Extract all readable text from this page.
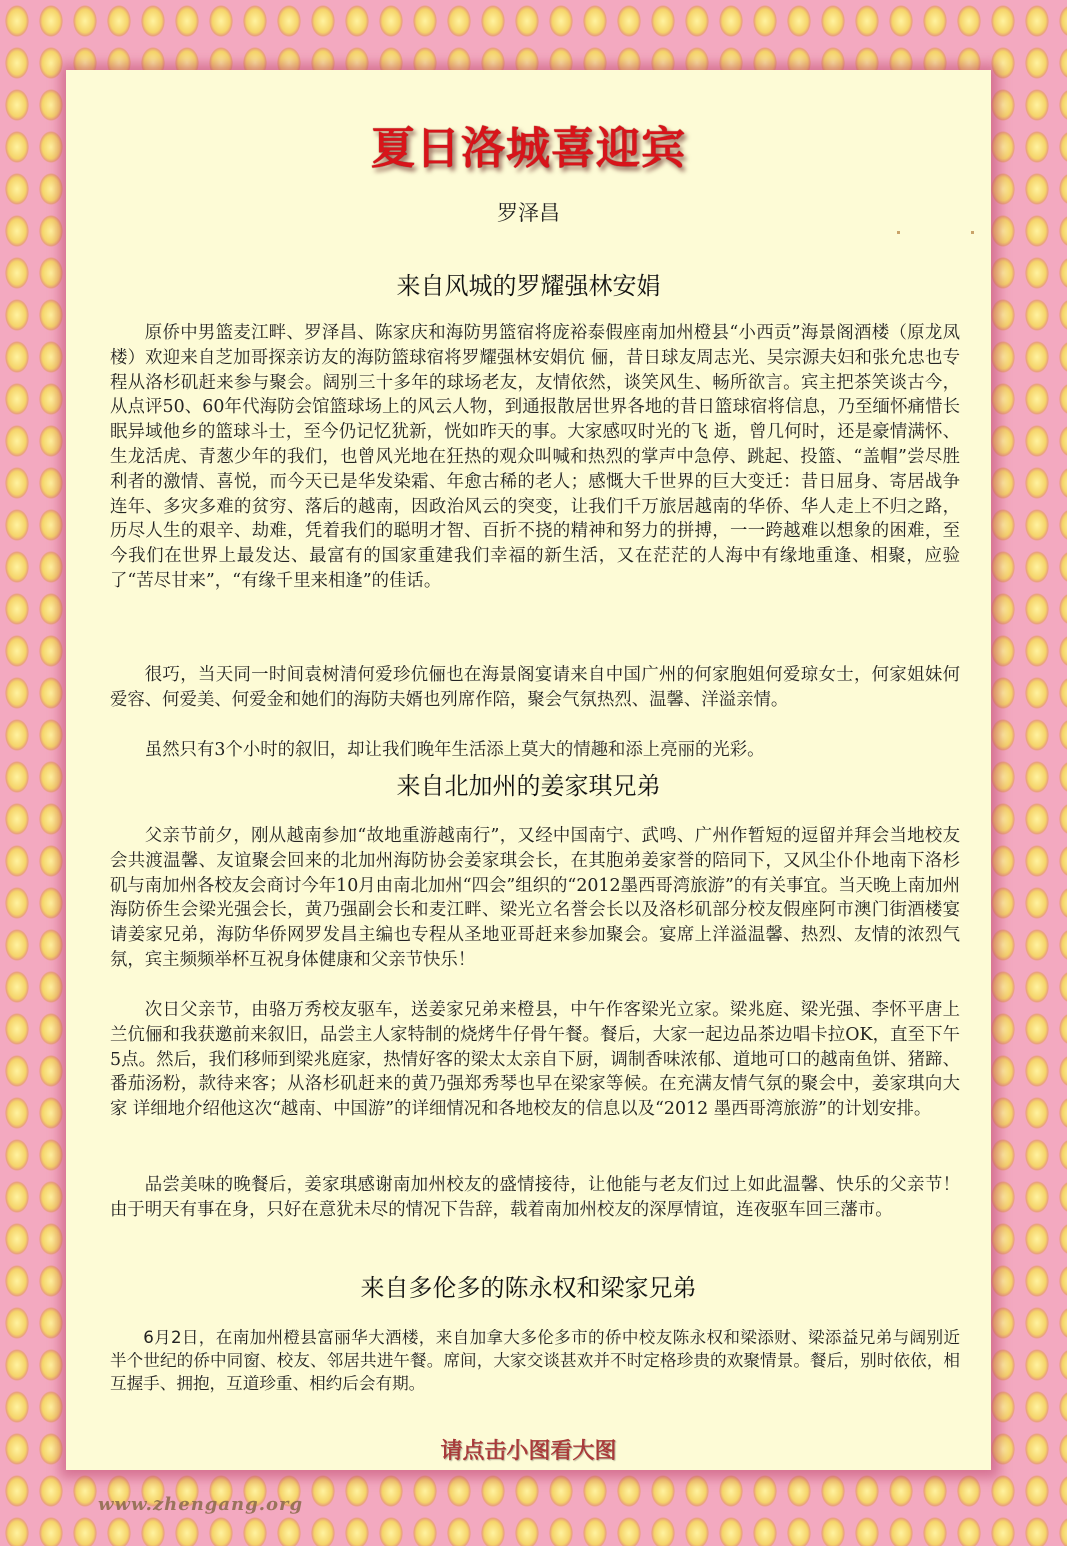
夏日洛城喜迎宾
罗泽昌
来自风城的罗耀强林安娟

原侨中男篮麦江畔、罗泽昌、陈家庆和海防男篮宿将庞裕泰假座南加州橙县“小西贡”海景阁酒楼（原龙凤楼）欢迎来自芝加哥探亲访友的海防篮球宿将罗耀强林安娟伉 俪，昔日球友周志光、吴宗源夫妇和张允忠也专程从洛杉矶赶来参与聚会。阔别三十多年的球场老友，友情依然，谈笑风生、畅所欲言。宾主把茶笑谈古今，从点评50、60年代海防会馆篮球场上的风云人物，到通报散居世界各地的昔日篮球宿将信息，乃至缅怀痛惜长眠异域他乡的篮球斗士，至今仍记忆犹新，恍如昨天的事。大家感叹时光的飞 逝，曾几何时，还是豪情满怀、生龙活虎、青葱少年的我们，也曾风光地在狂热的观众叫喊和热烈的掌声中急停、跳起、投篮、“盖帽”尝尽胜利者的激情、喜悦，而今天已是华发染霜、年愈古稀的老人；感慨大千世界的巨大变迁：昔日屈身、寄居战争连年、多灾多难的贫穷、落后的越南，因政治风云的突变，让我们千万旅居越南的华侨、华人走上不归之路，历尽人生的艰辛、劫难，凭着我们的聪明才智、百折不挠的精神和努力的拼搏，一一跨越难以想象的困难，至今我们在世界上最发达、最富有的国家重建我们幸福的新生活，又在茫茫的人海中有缘地重逢、相聚，应验了“苦尽甘来”，“有缘千里来相逢”的佳话。

很巧，当天同一时间袁树清何爱珍伉俪也在海景阁宴请来自中国广州的何家胞姐何爱琼女士，何家姐妹何爱容、何爱美、何爱金和她们的海防夫婿也列席作陪，聚会气氛热烈、温馨、洋溢亲情。

虽然只有3个小时的叙旧，却让我们晚年生活添上莫大的情趣和添上亮丽的光彩。

来自北加州的姜家琪兄弟

父亲节前夕，刚从越南参加“故地重游越南行”，又经中国南宁、武鸣、广州作暂短的逗留并拜会当地校友会共渡温馨、友谊聚会回来的北加州海防协会姜家琪会长，在其胞弟姜家誉的陪同下，又风尘仆仆地南下洛杉矶与南加州各校友会商讨今年10月由南北加州“四会”组织的“2012墨西哥湾旅游”的有关事宜。当天晚上南加州海防侨生会梁光强会长，黄乃强副会长和麦江畔、梁光立名誉会长以及洛杉矶部分校友假座阿市澳门街酒楼宴请姜家兄弟，海防华侨网罗发昌主编也专程从圣地亚哥赶来参加聚会。宴席上洋溢温馨、热烈、友情的浓烈气氛，宾主频频举杯互祝身体健康和父亲节快乐！

次日父亲节，由骆万秀校友驱车，送姜家兄弟来橙县，中午作客梁光立家。梁兆庭、梁光强、李怀平唐上兰伉俪和我获邀前来叙旧，品尝主人家特制的烧烤牛仔骨午餐。餐后，大家一起边品茶边唱卡拉OK，直至下午5点。然后，我们移师到梁兆庭家，热情好客的梁太太亲自下厨，调制香味浓郁、道地可口的越南鱼饼、猪蹄、番茄汤粉，款待来客；从洛杉矶赶来的黄乃强郑秀琴也早在梁家等候。在充满友情气氛的聚会中，姜家琪向大家 详细地介绍他这次“越南、中国游”的详细情况和各地校友的信息以及“2012 墨西哥湾旅游”的计划安排。

品尝美味的晚餐后，姜家琪感谢南加州校友的盛情接待，让他能与老友们过上如此温馨、快乐的父亲节！由于明天有事在身，只好在意犹未尽的情况下告辞，载着南加州校友的深厚情谊，连夜驱车回三藩市。

来自多伦多的陈永权和梁家兄弟

6月2日，在南加州橙县富丽华大酒楼，来自加拿大多伦多市的侨中校友陈永权和梁添财、梁添益兄弟与阔别近半个世纪的侨中同窗、校友、邻居共进午餐。席间，大家交谈甚欢并不时定格珍贵的欢聚情景。餐后，别时依依，相互握手、拥抱，互道珍重、相约后会有期。

请点击小图看大图
www.zhengang.org
